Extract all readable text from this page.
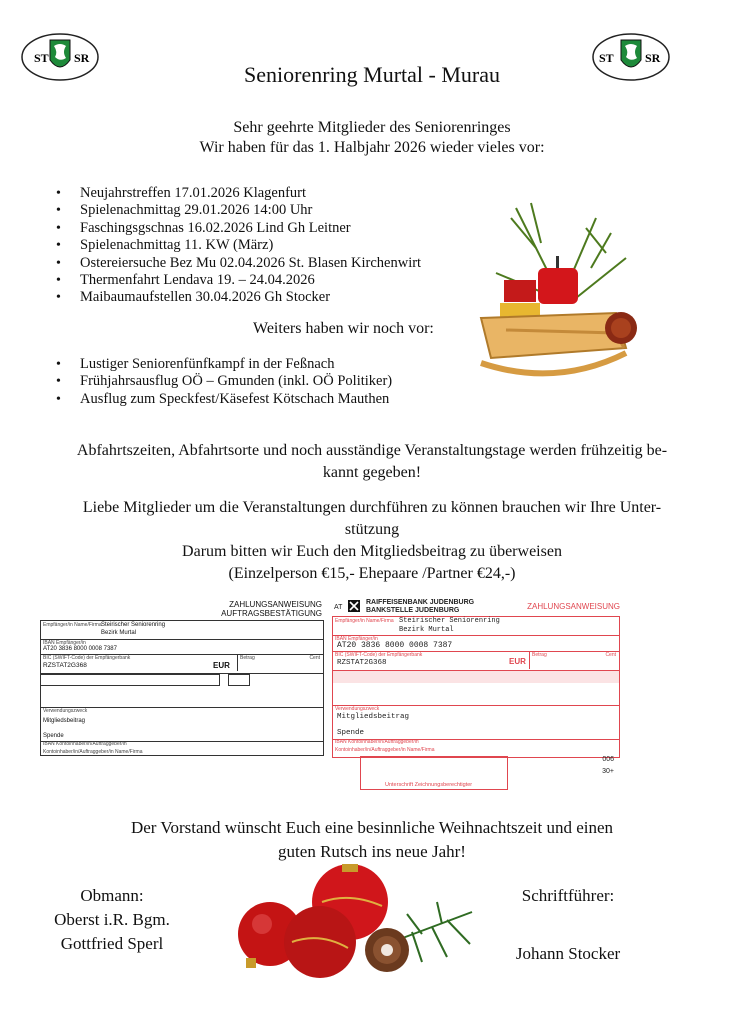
ST SR	ST	SR
Seniorenring Murtal - Murau
Sehr geehrte Mitglieder des Seniorenringes
Wir haben für das 1. Halbjahr 2026 wieder vieles vor:
• Neujahrstreffen 17.01.2026 Klagenfurt
• Spielenachmittag 29.01.2026 14:00 Uhr
• Faschingsgschnas 16.02.2026 Lind Gh Leitner
• Spielenachmittag 11. KW (März)
• Ostereiersuche Bez Mu 02.04.2026 St. Blasen Kirchenwirt
• Thermenfahrt Lendava 19. – 24.04.2026
• Maibaumaufstellen 30.04.2026 Gh Stocker
Weiters haben wir noch vor:
• Lustiger Seniorenfünfkampf in der Feßnach
• Frühjahrsausflug OÖ – Gmunden (inkl. OÖ Politiker)
• Ausflug zum Speckfest/Käsefest Kötschach Mauthen
Abfahrtszeiten, Abfahrtsorte und noch ausständige Veranstaltungstage werden frühzeitig be-
kannt gegeben!
Liebe Mitglieder um die Veranstaltungen durchführen zu können brauchen wir Ihre Unter-
stützung
Darum bitten wir Euch den Mitgliedsbeitrag zu überweisen
(Einzelperson €15,- Ehepaare /Partner €24,-)
ZAHLUNGSANWEISUNG
AUFTRAGSBESTÄTIGUNG
Empfänger/in Name/Firma Steirischer Seniorenring
Bezirk Murtal
IBAN Empfänger/in
AT20 3836 8000 0008 7387
BIC (SWIFT-Code) der Empfängerbank
RZSTAT2G368	EUR
Betrag	Cent
Verwendungszweck
Mitgliedsbeitrag
Spende
IBAN Kontoinhaber/in/Auftraggeber/in
Kontoinhaber/in/Auftraggeber/in Name/Firma
AT
RAIFFEISENBANK JUDENBURG
BANKSTELLE JUDENBURG	ZAHLUNGSANWEISUNG
Empfänger/in Name/Firma Steirischer Seniorenring
Bezirk Murtal
IBAN Empfänger/in
AT20 3836 8000 0008 7387
BIC (SWIFT-Code) der Empfängerbank
RZSTAT2G368	EUR
Betrag	Cent
Verwendungszweck
Mitgliedsbeitrag
Spende
IBAN Kontoinhaber/in/Auftraggeber/in
Kontoinhaber/in/Auftraggeber/in Name/Firma
006
30+
Unterschrift Zeichnungsberechtigter
Der Vorstand wünscht Euch eine besinnliche Weihnachtszeit und einen
guten Rutsch ins neue Jahr!
Obmann:
Oberst i.R. Bgm.
Gottfried Sperl
Schriftführer:
Johann Stocker
